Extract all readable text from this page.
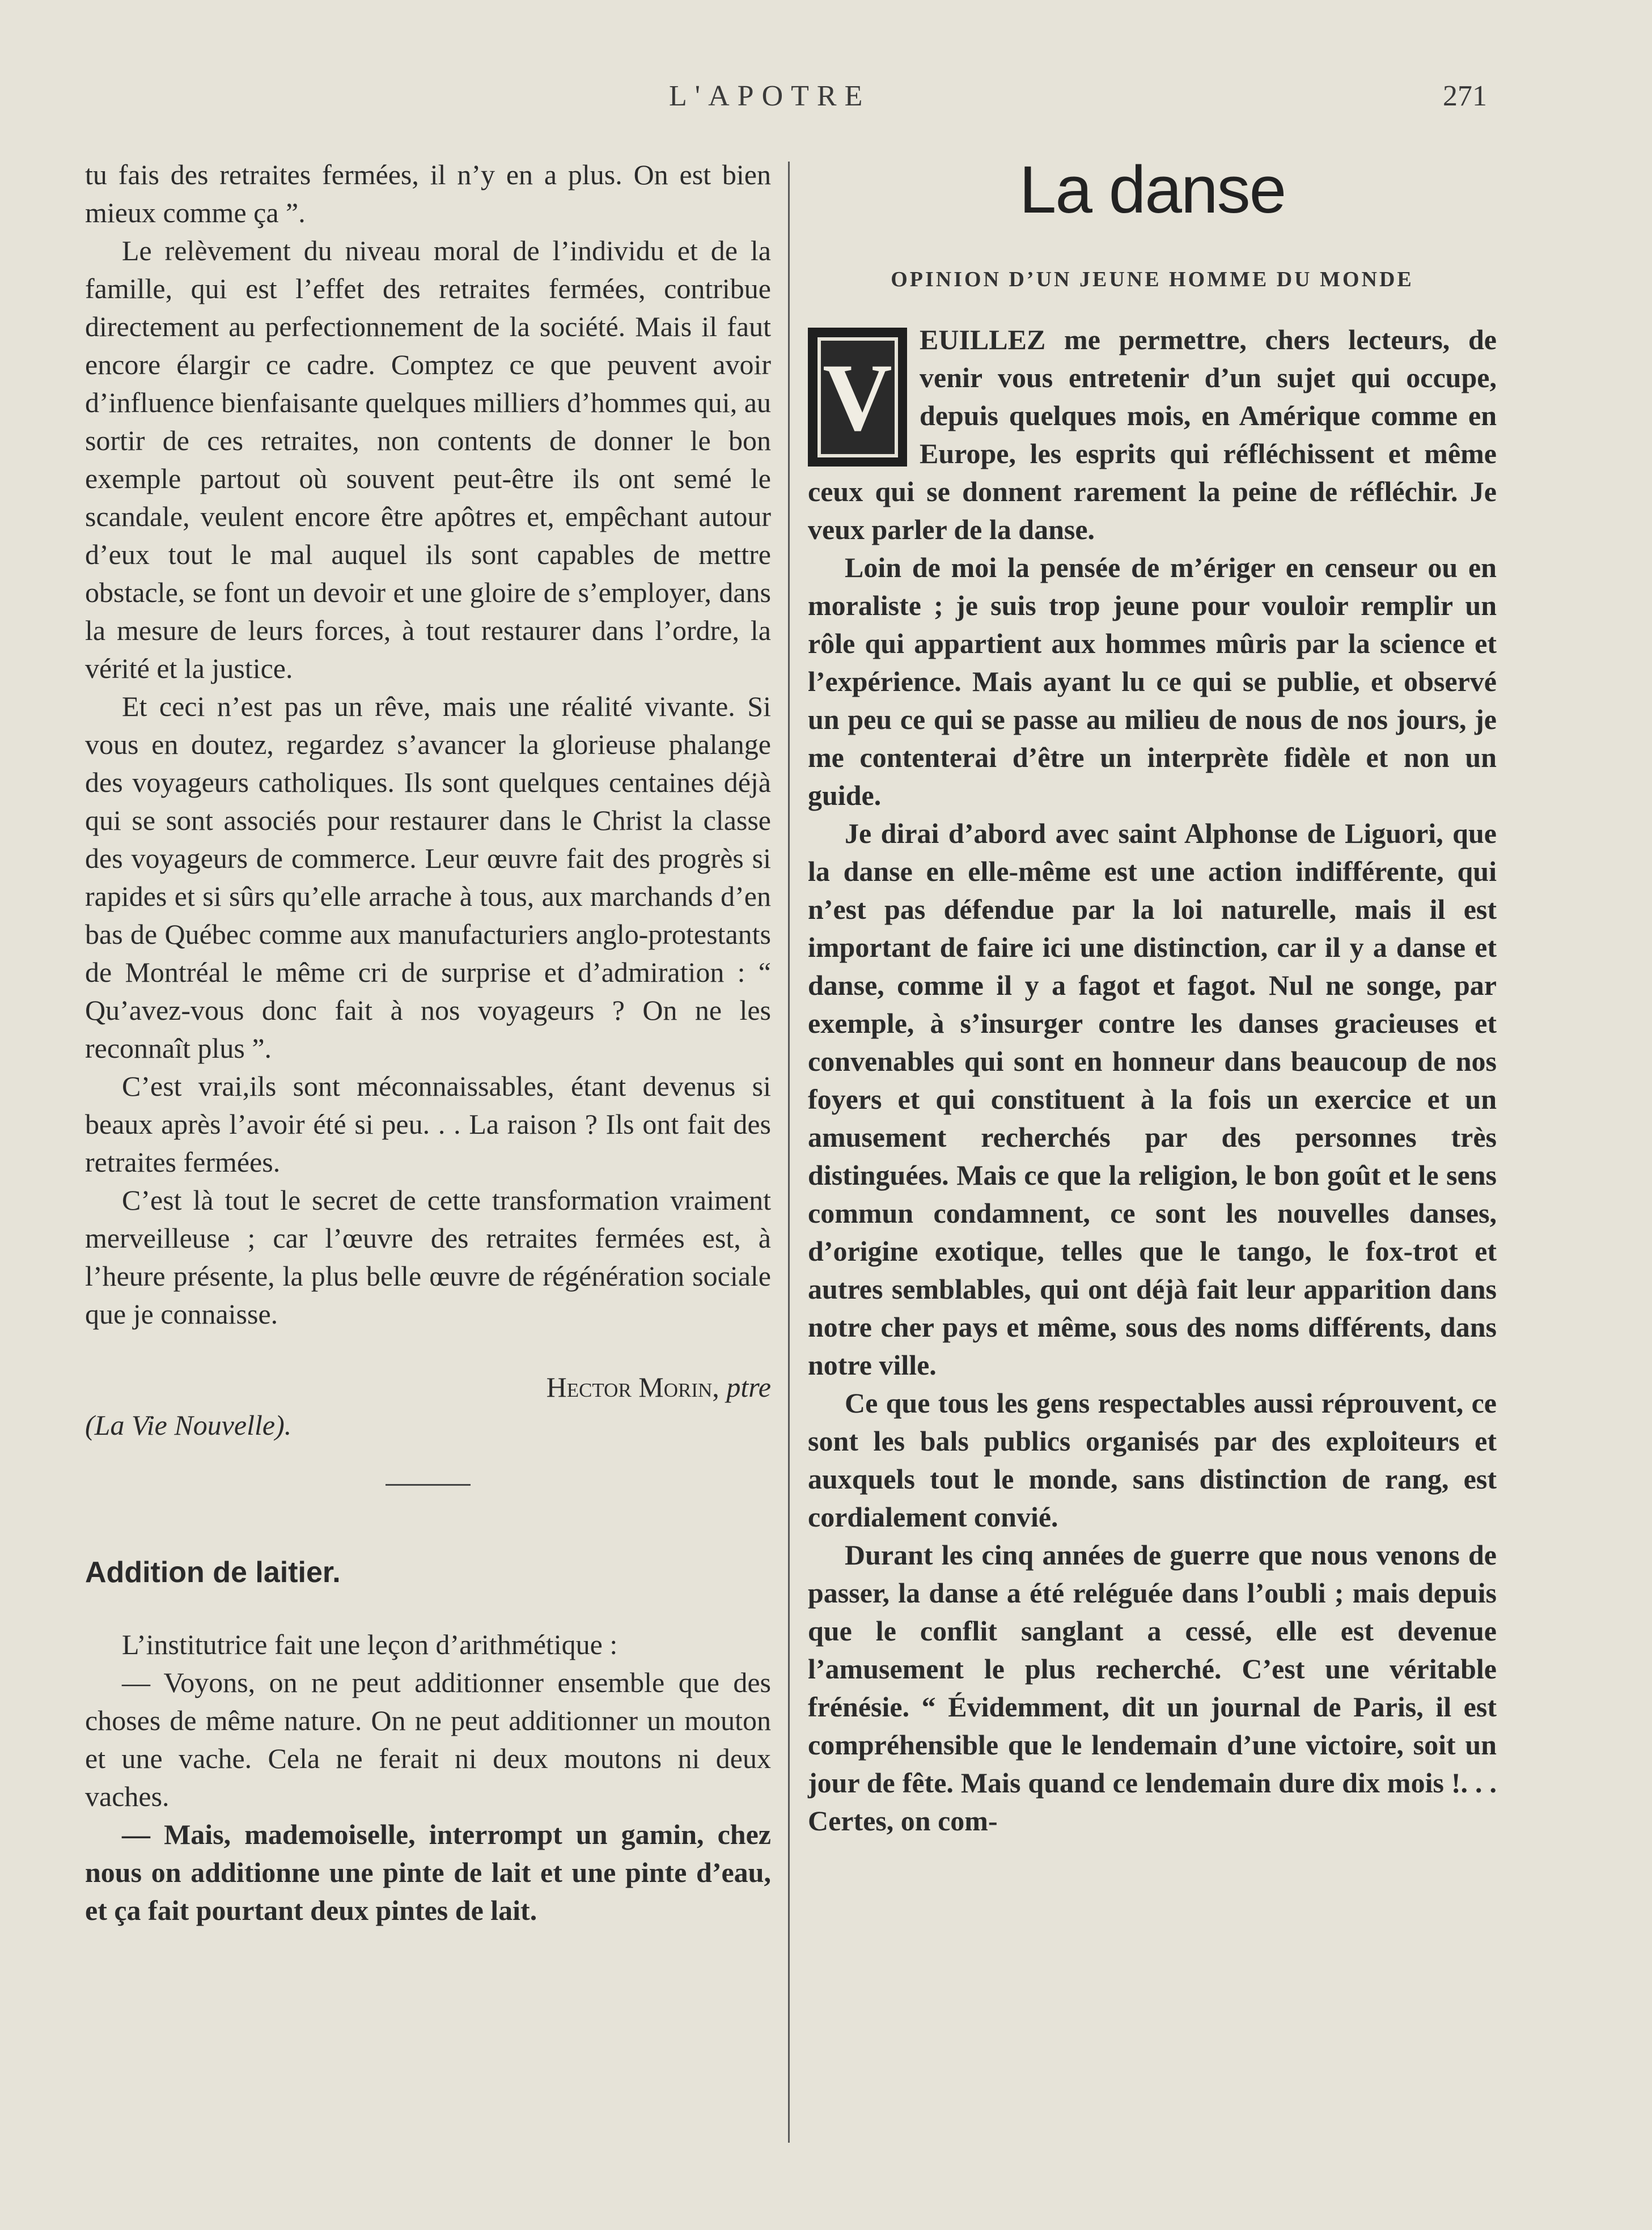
L'APOTRE	271

tu fais des retraites fermées, il n’y en a plus. On est bien mieux comme ça ”.

Le relèvement du niveau moral de l’individu et de la famille, qui est l’effet des retraites fermées, contribue directement au perfectionnement de la société. Mais il faut encore élargir ce cadre. Comptez ce que peuvent avoir d’influence bienfaisante quelques milliers d’hommes qui, au sortir de ces retraites, non contents de donner le bon exemple partout où souvent peut-être ils ont semé le scandale, veulent encore être apôtres et, empêchant autour d’eux tout le mal auquel ils sont capables de mettre obstacle, se font un devoir et une gloire de s’employer, dans la mesure de leurs forces, à tout restaurer dans l’ordre, la vérité et la justice.

Et ceci n’est pas un rêve, mais une réalité vivante. Si vous en doutez, regardez s’avancer la glorieuse phalange des voyageurs catholiques. Ils sont quelques centaines déjà qui se sont associés pour restaurer dans le Christ la classe des voyageurs de commerce. Leur œuvre fait des progrès si rapides et si sûrs qu’elle arrache à tous, aux marchands d’en bas de Québec comme aux manufacturiers anglo-protestants de Montréal le même cri de surprise et d’admiration : “ Qu’avez-vous donc fait à nos voyageurs ? On ne les reconnaît plus ”.

C’est vrai,ils sont méconnaissables, étant devenus si beaux après l’avoir été si peu. . . La raison ? Ils ont fait des retraites fermées.

C’est là tout le secret de cette transformation vraiment merveilleuse ; car l’œuvre des retraites fermées est, à l’heure présente, la plus belle œuvre de régénération sociale que je connaisse.

Hector Morin, ptre
(La Vie Nouvelle).
Addition de laitier.

L’institutrice fait une leçon d’arithmétique :

— Voyons, on ne peut additionner ensemble que des choses de même nature. On ne peut additionner un mouton et une vache. Cela ne ferait ni deux moutons ni deux vaches.

— Mais, mademoiselle, interrompt un gamin, chez nous on additionne une pinte de lait et une pinte d’eau, et ça fait pourtant deux pintes de lait.

La danse
OPINION D’UN JEUNE HOMME DU MONDE
V

EUILLEZ me permettre, chers lecteurs, de venir vous entretenir d’un sujet qui occupe, depuis quelques mois, en Amérique comme en Europe, les esprits qui réfléchissent et même ceux qui se donnent rarement la peine de réfléchir. Je veux parler de la danse.

Loin de moi la pensée de m’ériger en censeur ou en moraliste ; je suis trop jeune pour vouloir remplir un rôle qui appartient aux hommes mûris par la science et l’expérience. Mais ayant lu ce qui se publie, et observé un peu ce qui se passe au milieu de nous de nos jours, je me contenterai d’être un interprète fidèle et non un guide.

Je dirai d’abord avec saint Alphonse de Liguori, que la danse en elle-même est une action indifférente, qui n’est pas défendue par la loi naturelle, mais il est important de faire ici une distinction, car il y a danse et danse, comme il y a fagot et fagot. Nul ne songe, par exemple, à s’insurger contre les danses gracieuses et convenables qui sont en honneur dans beaucoup de nos foyers et qui constituent à la fois un exercice et un amusement recherchés par des personnes très distinguées. Mais ce que la religion, le bon goût et le sens commun condamnent, ce sont les nouvelles danses, d’origine exotique, telles que le tango, le fox-trot et autres semblables, qui ont déjà fait leur apparition dans notre cher pays et même, sous des noms différents, dans notre ville.

Ce que tous les gens respectables aussi réprouvent, ce sont les bals publics organisés par des exploiteurs et auxquels tout le monde, sans distinction de rang, est cordialement convié.

Durant les cinq années de guerre que nous venons de passer, la danse a été reléguée dans l’oubli ; mais depuis que le conflit sanglant a cessé, elle est devenue l’amusement le plus recherché. C’est une véritable frénésie. “ Évidemment, dit un journal de Paris, il est compréhensible que le lendemain d’une victoire, soit un jour de fête. Mais quand ce lendemain dure dix mois !. . . Certes, on com-
